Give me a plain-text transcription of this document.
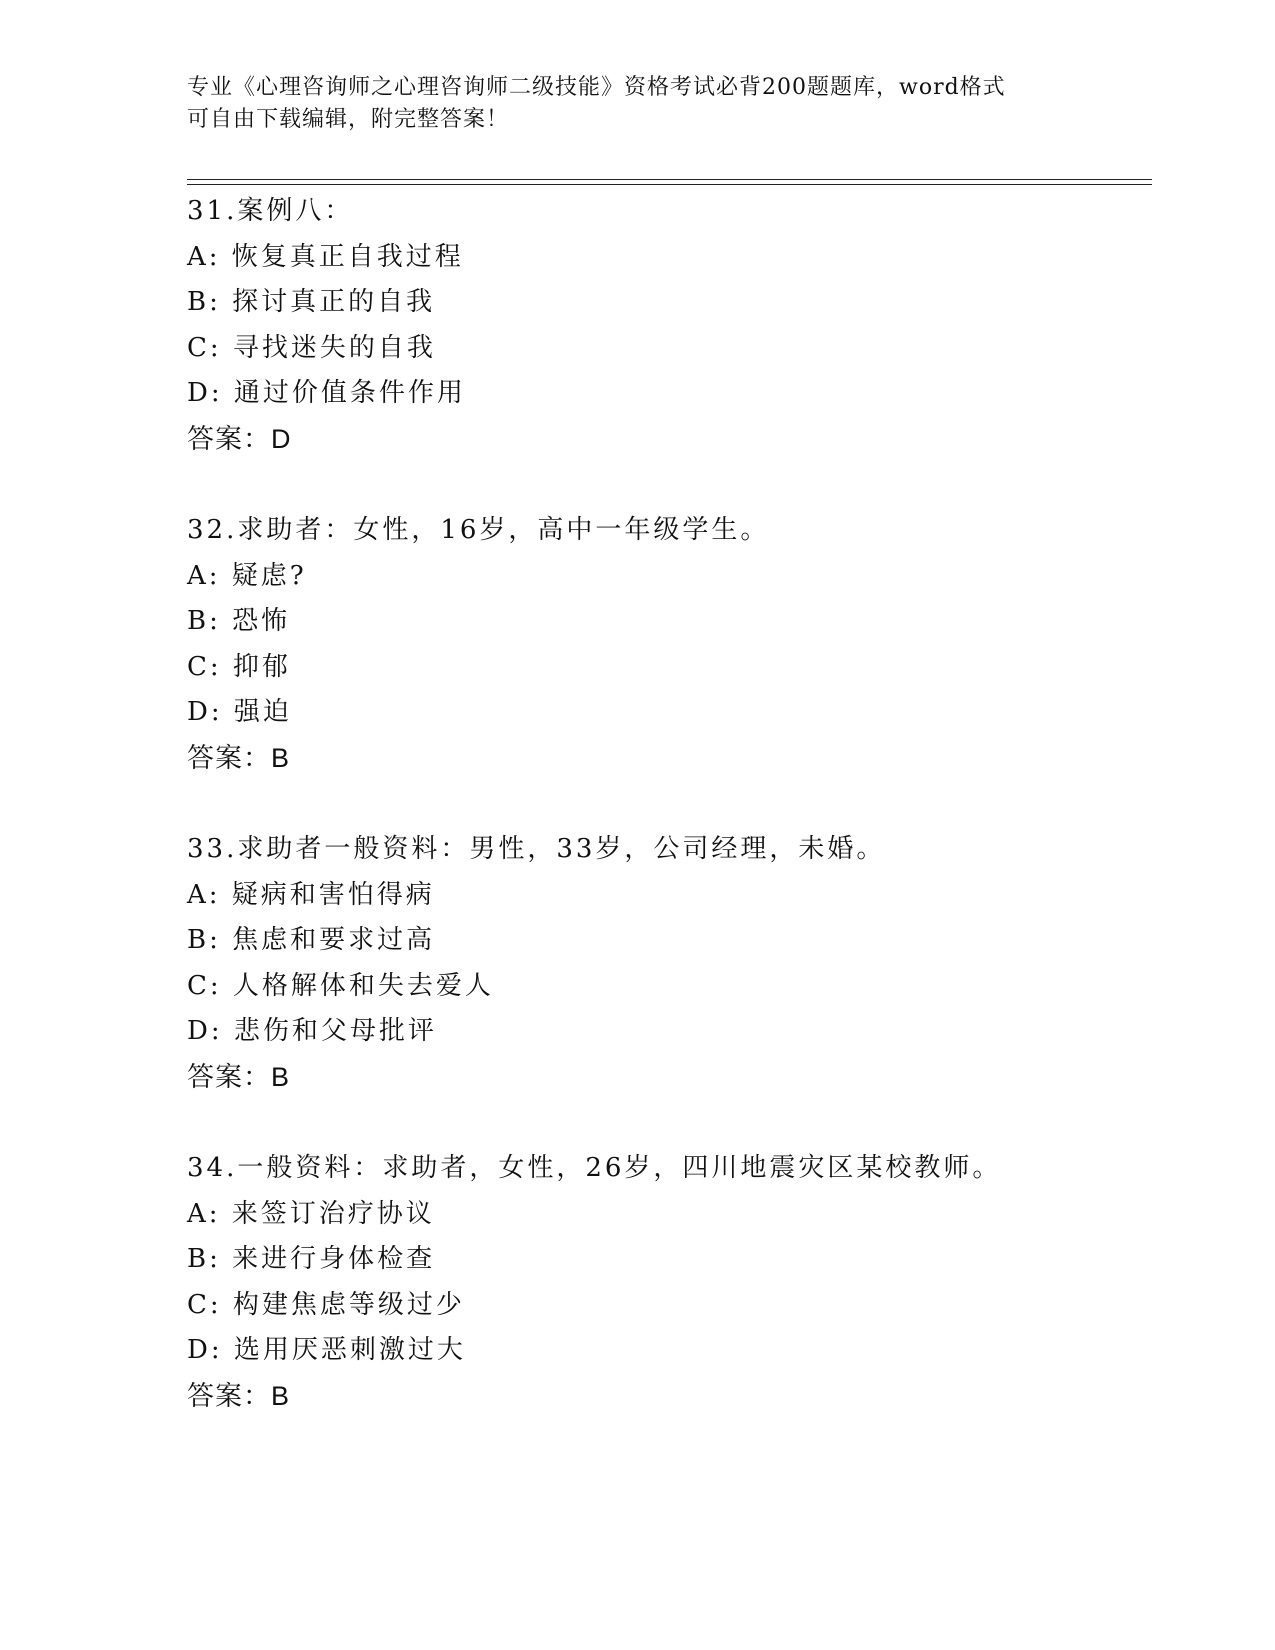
专业《心理咨询师之心理咨询师二级技能》资格考试必背200题题库，word格式
可自由下载编辑，附完整答案！
31.案例八：
A: 恢复真正自我过程
B: 探讨真正的自我
C: 寻找迷失的自我
D: 通过价值条件作用
答案：D
32.求助者：女性，16岁，高中一年级学生。
A: 疑虑?
B: 恐怖
C: 抑郁
D: 强迫
答案：B
33.求助者一般资料：男性，33岁，公司经理，未婚。
A: 疑病和害怕得病
B: 焦虑和要求过高
C: 人格解体和失去爱人
D: 悲伤和父母批评
答案：B
34.一般资料：求助者，女性，26岁，四川地震灾区某校教师。
A: 来签订治疗协议
B: 来进行身体检查
C: 构建焦虑等级过少
D: 选用厌恶刺激过大
答案：B
